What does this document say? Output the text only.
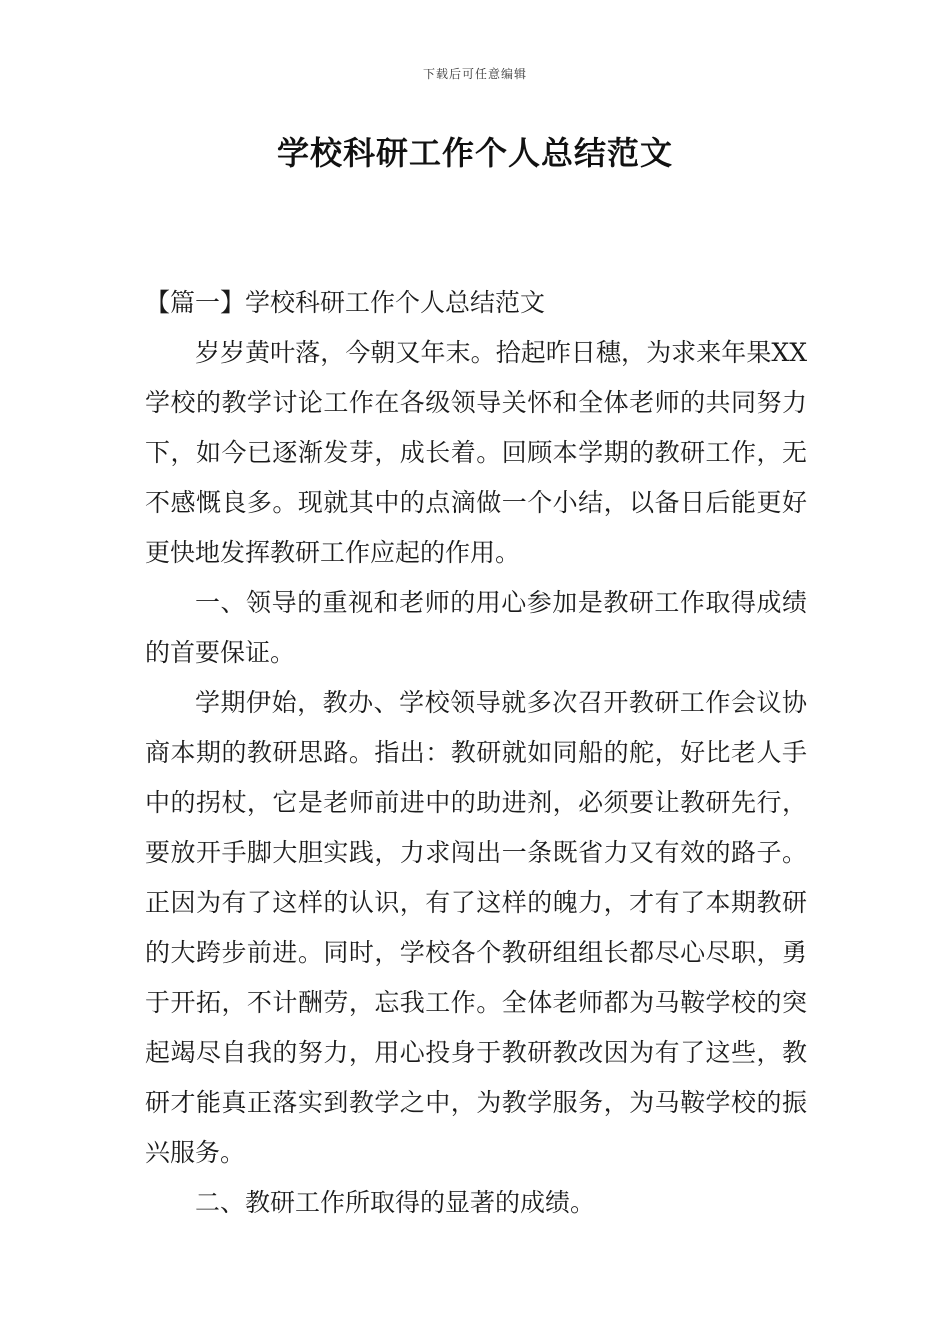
下载后可任意编辑
学校科研工作个人总结范文

【篇一】学校科研工作个人总结范文

岁岁黄叶落，今朝又年末。拾起昨日穗，为求来年果XX学校的教学讨论工作在各级领导关怀和全体老师的共同努力下，如今已逐渐发芽，成长着。回顾本学期的教研工作，无不感慨良多。现就其中的点滴做一个小结，以备日后能更好更快地发挥教研工作应起的作用。

一、领导的重视和老师的用心参加是教研工作取得成绩的首要保证。

学期伊始，教办、学校领导就多次召开教研工作会议协商本期的教研思路。指出：教研就如同船的舵，好比老人手中的拐杖，它是老师前进中的助进剂，必须要让教研先行，要放开手脚大胆实践，力求闯出一条既省力又有效的路子。正因为有了这样的认识，有了这样的魄力，才有了本期教研的大跨步前进。同时，学校各个教研组组长都尽心尽职，勇于开拓，不计酬劳，忘我工作。全体老师都为马鞍学校的突起竭尽自我的努力，用心投身于教研教改因为有了这些，教研才能真正落实到教学之中，为教学服务，为马鞍学校的振兴服务。

二、教研工作所取得的显著的成绩。
